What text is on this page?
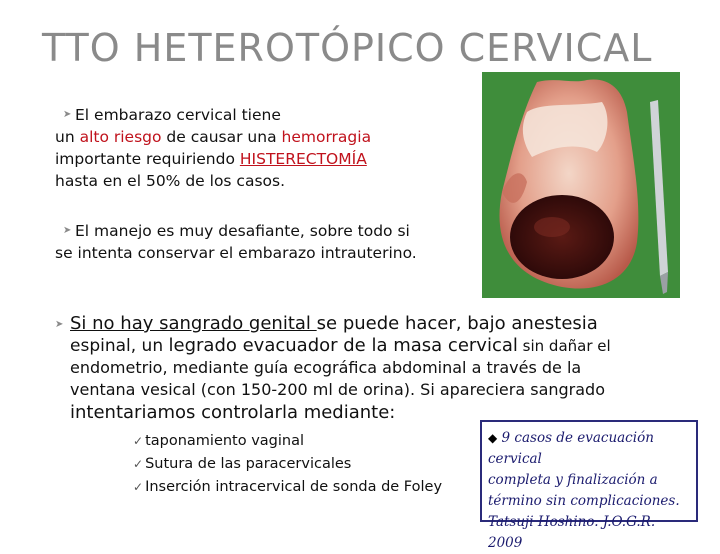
TTO HETEROTÓPICO CERVICAL
➤ El embarazo cervical tiene
un alto riesgo de causar una hemorragia
importante requiriendo HISTERECTOMÍA
hasta en el 50% de los casos.
➤ El manejo es muy desafiante, sobre todo si
se intenta conservar el embarazo intrauterino.
➤ Si no hay sangrado genital se puede hacer, bajo anestesia
espinal, un legrado evacuador de la masa cervical sin dañar el
endometrio, mediante guía ecográfica abdominal a través de la
ventana vesical (con 150-200 ml de orina). Si apareciera sangrado
intentariamos controlarla mediante:
✓ taponamiento vaginal
✓ Sutura de las paracervicales
✓ Inserción intracervical de sonda de Foley
◆ 9 casos de evacuación cervical
completa y finalización a
término sin complicaciones.
Tatsuji Hoshino. J.O.G.R. 2009
